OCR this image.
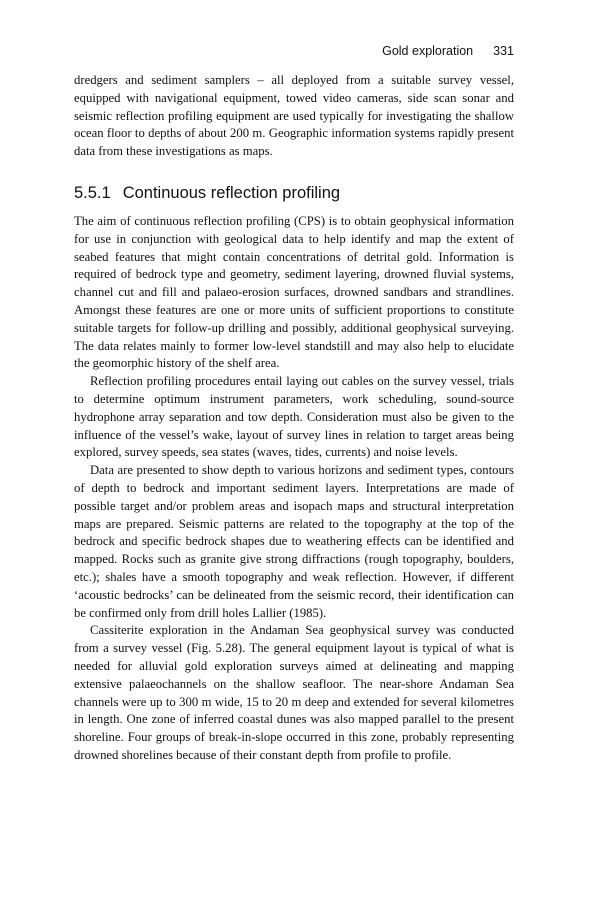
Gold exploration 331

dredgers and sediment samplers – all deployed from a suitable survey vessel, equipped with navigational equipment, towed video cameras, side scan sonar and seismic reflection profiling equipment are used typically for investigating the shallow ocean floor to depths of about 200 m. Geographic information systems rapidly present data from these investigations as maps.

5.5.1 Continuous reflection profiling

The aim of continuous reflection profiling (CPS) is to obtain geophysical information for use in conjunction with geological data to help identify and map the extent of seabed features that might contain concentrations of detrital gold. Information is required of bedrock type and geometry, sediment layering, drowned fluvial systems, channel cut and fill and palaeo-erosion surfaces, drowned sandbars and strandlines. Amongst these features are one or more units of sufficient proportions to constitute suitable targets for follow-up drilling and possibly, additional geophysical surveying. The data relates mainly to former low-level standstill and may also help to elucidate the geomorphic history of the shelf area.

Reflection profiling procedures entail laying out cables on the survey vessel, trials to determine optimum instrument parameters, work scheduling, sound-source hydrophone array separation and tow depth. Consideration must also be given to the influence of the vessel’s wake, layout of survey lines in relation to target areas being explored, survey speeds, sea states (waves, tides, currents) and noise levels.

Data are presented to show depth to various horizons and sediment types, contours of depth to bedrock and important sediment layers. Interpretations are made of possible target and/or problem areas and isopach maps and structural interpretation maps are prepared. Seismic patterns are related to the topography at the top of the bedrock and specific bedrock shapes due to weathering effects can be identified and mapped. Rocks such as granite give strong diffractions (rough topography, boulders, etc.); shales have a smooth topography and weak reflection. However, if different ‘acoustic bedrocks’ can be delineated from the seismic record, their identification can be confirmed only from drill holes Lallier (1985).

Cassiterite exploration in the Andaman Sea geophysical survey was conducted from a survey vessel (Fig. 5.28). The general equipment layout is typical of what is needed for alluvial gold exploration surveys aimed at delineating and mapping extensive palaeochannels on the shallow seafloor. The near-shore Andaman Sea channels were up to 300 m wide, 15 to 20 m deep and extended for several kilometres in length. One zone of inferred coastal dunes was also mapped parallel to the present shoreline. Four groups of break-in-slope occurred in this zone, probably representing drowned shorelines because of their constant depth from profile to profile.
